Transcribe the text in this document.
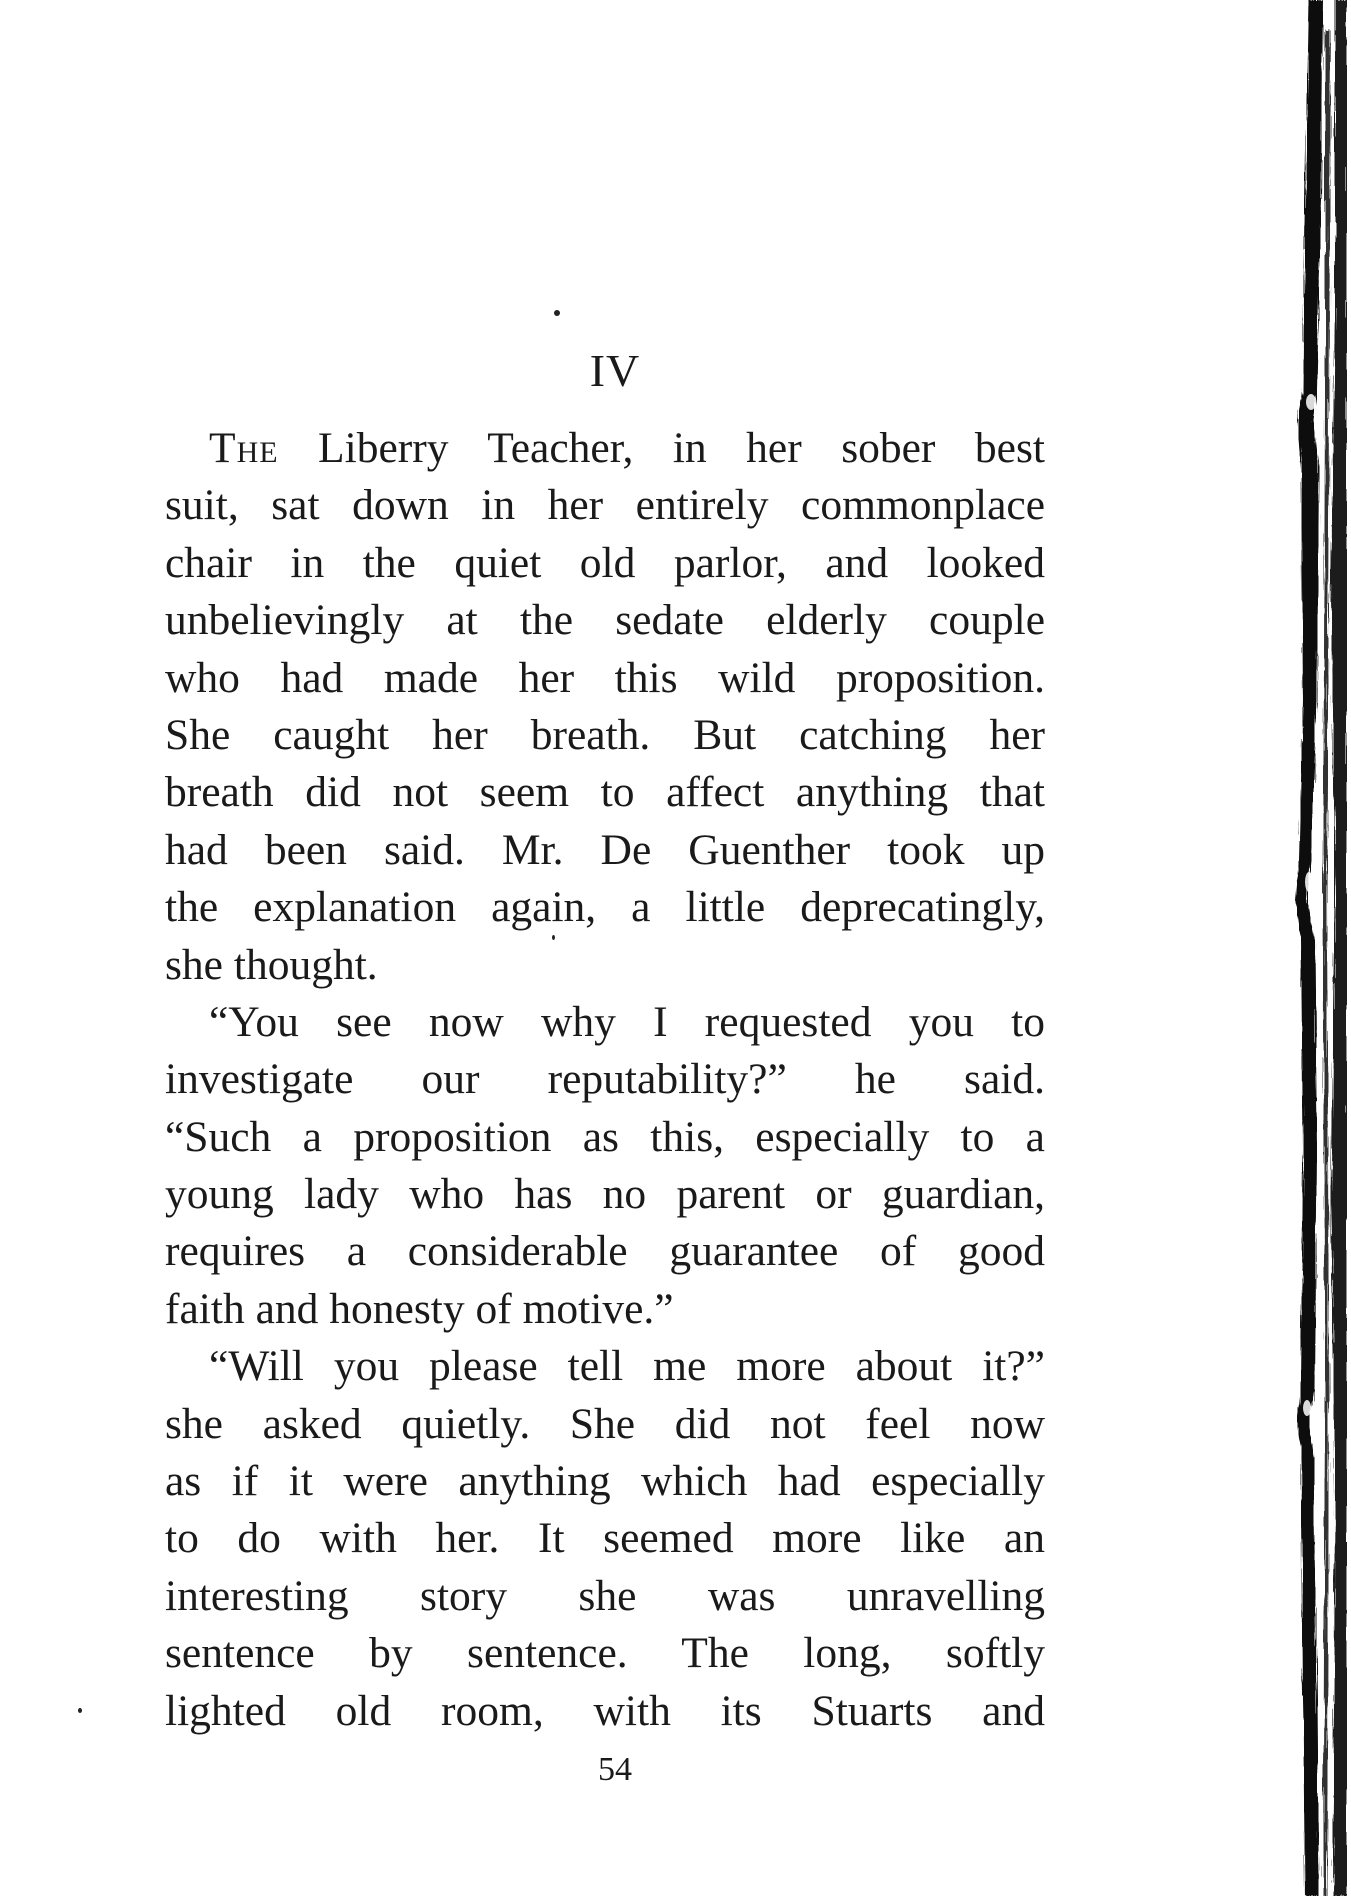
IV
The Liberry Teacher, in her sober best
suit, sat down in her entirely commonplace
chair in the quiet old parlor, and looked
unbelievingly at the sedate elderly couple
who had made her this wild proposition.
She caught her breath. But catching her
breath did not seem to affect anything that
had been said. Mr. De Guenther took up
the explanation again, a little deprecatingly,
she thought.
“You see now why I requested you to
investigate our reputability?” he said.
“Such a proposition as this, especially to a
young lady who has no parent or guardian,
requires a considerable guarantee of good
faith and honesty of motive.”
“Will you please tell me more about it?”
she asked quietly. She did not feel now
as if it were anything which had especially
to do with her. It seemed more like an
interesting story she was unravelling
sentence by sentence. The long, softly
lighted old room, with its Stuarts and
54
